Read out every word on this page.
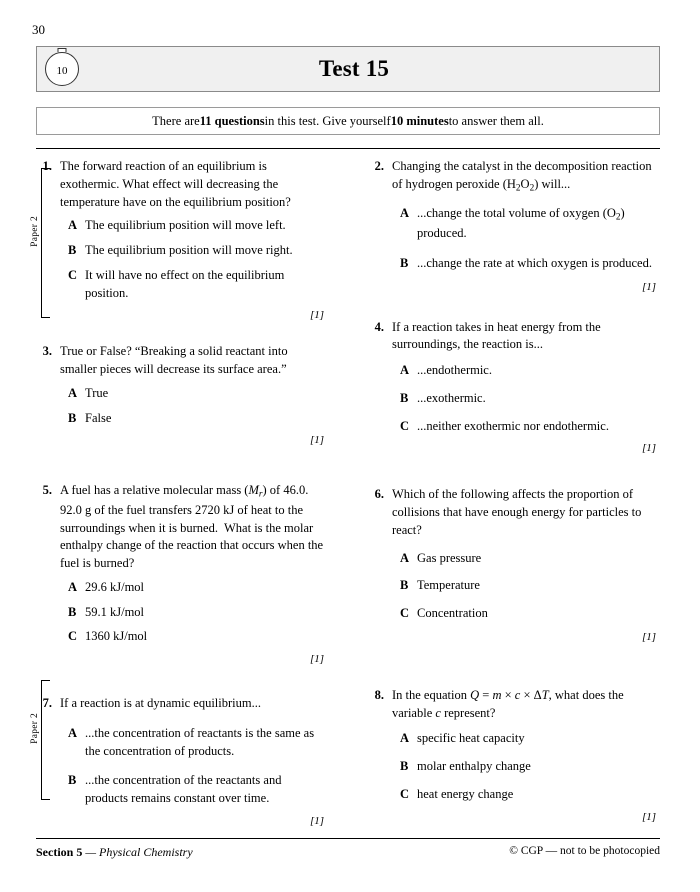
30
10	Test 15
There are 11 questions in this test. Give yourself 10 minutes to answer them all.
Paper 2
Paper 2
1. The forward reaction of an equilibrium is exothermic. What effect will decreasing the temperature have on the equilibrium position?
A The equilibrium position will move left.
B The equilibrium position will move right.
C It will have no effect on the equilibrium position.
[1]
3. True or False? “Breaking a solid reactant into smaller pieces will decrease its surface area.”
A True
B False
[1]
5. A fuel has a relative molecular mass $(M_r)$ of 46.0.  92.0 g of the fuel transfers 2720 kJ of heat to the surroundings when it is burned.  What is the molar enthalpy change of the reaction that occurs when the fuel is burned?
A 29.6 kJ/mol
B 59.1 kJ/mol
C 1360 kJ/mol
[1]
7. If a reaction is at dynamic equilibrium...
A ...the concentration of reactants is the same as the concentration of products.
B ...the concentration of the reactants and products remains constant over time.
[1]
2. Changing the catalyst in the decomposition reaction of hydrogen peroxide $(H_2O_2)$ will...
A ...change the total volume of oxygen $(O_2)$ produced.
B ...change the rate at which oxygen is produced.
[1]
4. If a reaction takes in heat energy from the surroundings, the reaction is...
A ...endothermic.
B ...exothermic.
C ...neither exothermic nor endothermic.
[1]
6. Which of the following affects the proportion of collisions that have enough energy for particles to react?
A Gas pressure
B Temperature
C Concentration
[1]
8. In the equation Q = m × c × ΔT, what does the variable c represent?
A specific heat capacity
B molar enthalpy change
C heat energy change
[1]
Section 5 — Physical Chemistry	© CGP — not to be photocopied
